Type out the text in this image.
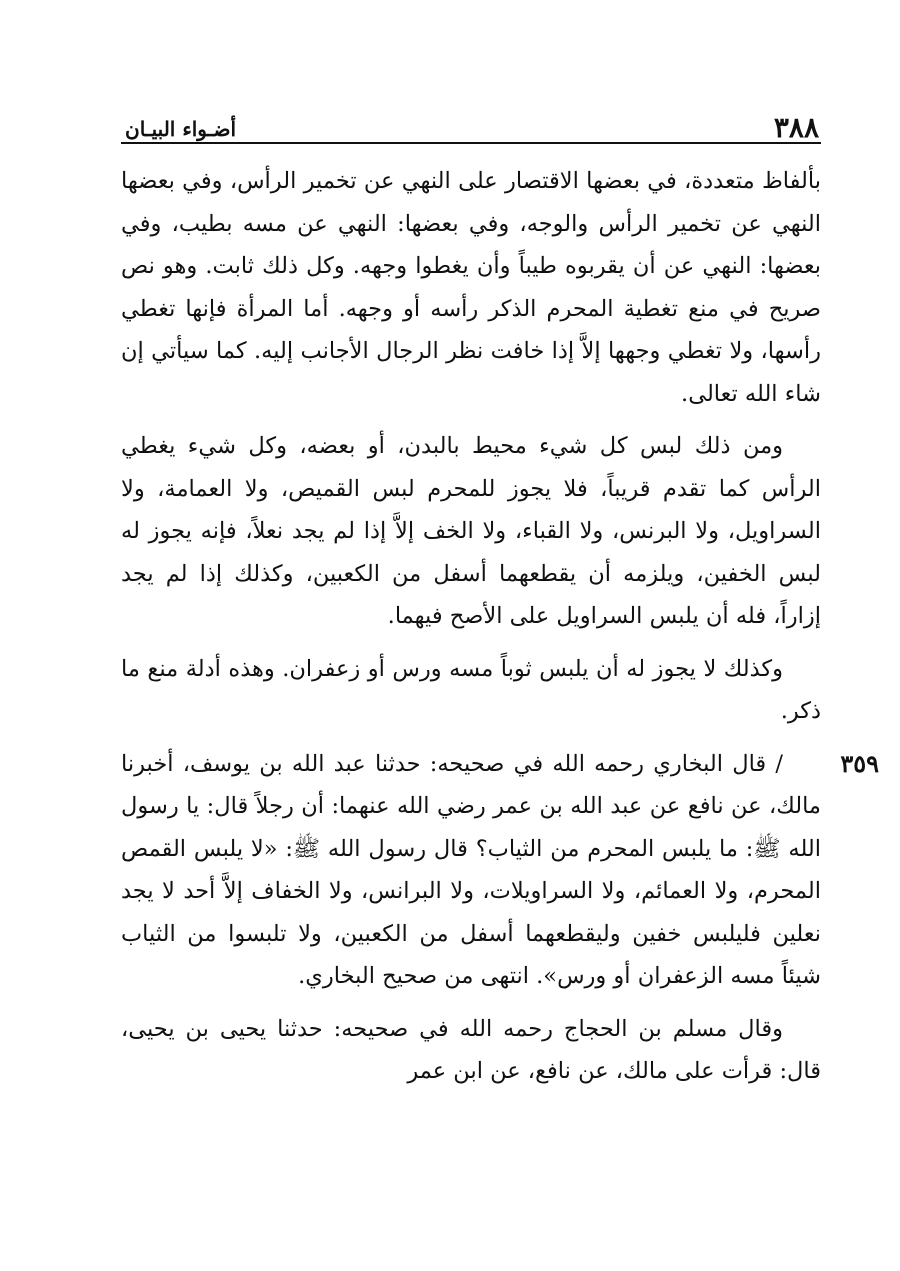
٣٨٨
أضـواء البيـان

بألفاظ متعددة، في بعضها الاقتصار على النهي عن تخمير الرأس، وفي بعضها النهي عن تخمير الرأس والوجه، وفي بعضها: النهي عن مسه بطيب، وفي بعضها: النهي عن أن يقربوه طيباً وأن يغطوا وجهه. وكل ذلك ثابت. وهو نص صريح في منع تغطية المحرم الذكر رأسه أو وجهه. أما المرأة فإنها تغطي رأسها، ولا تغطي وجهها إلاَّ إذا خافت نظر الرجال الأجانب إليه. كما سيأتي إن شاء الله تعالى.

ومن ذلك لبس كل شيء محيط بالبدن، أو بعضه، وكل شيء يغطي الرأس كما تقدم قريباً، فلا يجوز للمحرم لبس القميص، ولا العمامة، ولا السراويل، ولا البرنس، ولا القباء، ولا الخف إلاَّ إذا لم يجد نعلاً، فإنه يجوز له لبس الخفين، ويلزمه أن يقطعهما أسفل من الكعبين، وكذلك إذا لم يجد إزاراً، فله أن يلبس السراويل على الأصح فيهما.

وكذلك لا يجوز له أن يلبس ثوباً مسه ورس أو زعفران. وهذه أدلة منع ما ذكر.

٣٥٩

/ قال البخاري رحمه الله في صحيحه: حدثنا عبد الله بن يوسف، أخبرنا مالك، عن نافع عن عبد الله بن عمر رضي الله عنهما: أن رجلاً قال: يا رسول الله ﷺ: ما يلبس المحرم من الثياب؟ قال رسول الله ﷺ: «لا يلبس القمص المحرم، ولا العمائم، ولا السراويلات، ولا البرانس، ولا الخفاف إلاَّ أحد لا يجد نعلين فليلبس خفين وليقطعهما أسفل من الكعبين، ولا تلبسوا من الثياب شيئاً مسه الزعفران أو ورس». انتهى من صحيح البخاري.

وقال مسلم بن الحجاج رحمه الله في صحيحه: حدثنا يحيى بن يحيى، قال: قرأت على مالك، عن نافع، عن ابن عمر
